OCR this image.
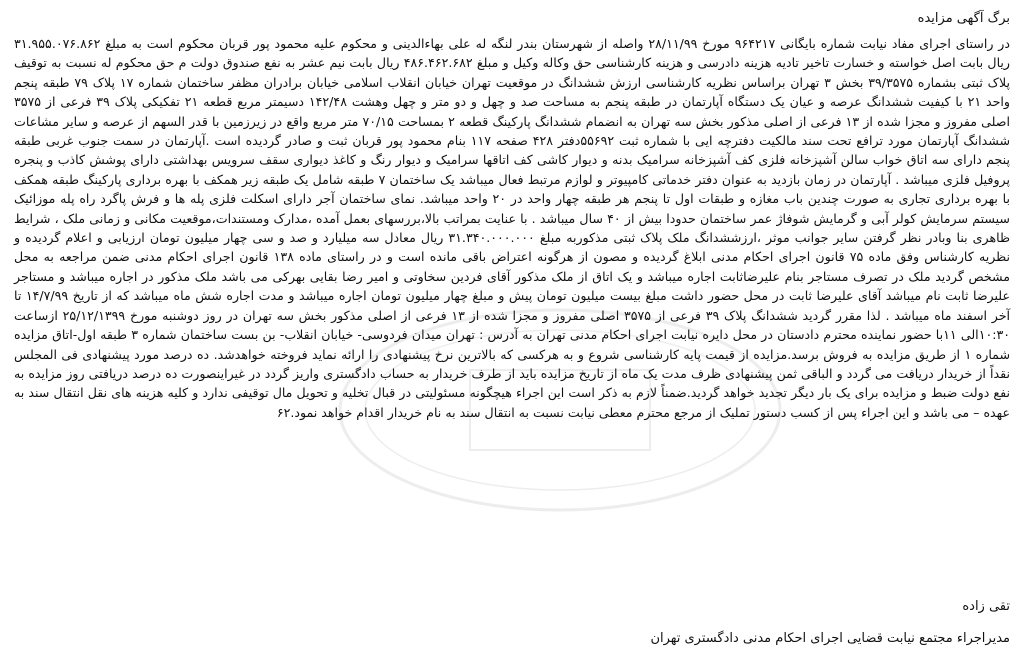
برگ آگهی مزایده

در راستای اجرای مفاد نیابت شماره بایگانی ۹۶۴۲۱۷ مورخ ۲۸/۱۱/۹۹ واصله از شهرستان بندر لنگه له علی بهاءالدینی و محکوم علیه محمود پور قربان محکوم است به مبلغ ۳۱.۹۵۵.۰۷۶.۸۶۲ ریال بابت اصل خواسته و خسارت تاخیر تادیه هزینه دادرسی و هزینه کارشناسی حق وکاله وکیل و مبلغ ۴۸۶.۴۶۲.۶۸۲ ریال بابت نیم عشر به نفع صندوق دولت م حق محکوم له نسبت به توقیف پلاک ثبتی بشماره ۳۹/۳۵۷۵ بخش ۳ تهران براساس نظریه کارشناسی ارزش ششدانگ در موقعیت تهران خیابان انقلاب اسلامی خیابان برادران مظفر ساختمان شماره ۱۷ پلاک ۷۹ طبقه پنجم واحد ۲۱ با کیفیت ششدانگ عرصه و عیان یک دستگاه آپارتمان در طبقه پنجم به مساحت صد و چهل و دو متر و چهل وهشت ۱۴۲/۴۸ دسیمتر مربع قطعه ۲۱ تفکیکی پلاک ۳۹ فرعی از ۳۵۷۵ اصلی مفروز و مجزا شده از ۱۳ فرعی از اصلی مذکور بخش سه تهران به انضمام ششدانگ پارکینگ قطعه ۲ بمساحت ۷۰/۱۵ متر مربع واقع در زیرزمین با قدر السهم از عرصه و سایر مشاعات ششدانگ آپارتمان مورد ترافع تحت سند مالکیت دفترچه ایی با شماره ثبت ۵۵۶۹۲دفتر ۴۲۸ صفحه ۱۱۷ بنام محمود پور قربان ثبت و صادر گردیده است .آپارتمان در سمت جنوب غربی طبقه پنجم دارای سه اتاق خواب سالن آشپزخانه فلزی کف آشپزخانه سرامیک بدنه و دیوار کاشی کف اتاقها سرامیک و دیوار رنگ و کاغذ دیواری سقف سرویس بهداشتی دارای پوشش کاذب و پنجره پروفیل فلزی میباشد . آپارتمان در زمان بازدید به عنوان دفتر خدماتی کامپیوتر و لوازم مرتبط فعال میباشد یک ساختمان ۷ طبقه شامل یک طبقه زیر همکف با بهره برداری پارکینگ طبقه همکف با بهره برداری تجاری به صورت چندین باب مغازه و طبقات اول تا پنجم هر طبقه چهار واحد در ۲۰ واحد میباشد. نمای ساختمان آجر دارای اسکلت فلزی پله ها و فرش پاگرد راه پله موزائیک سیستم سرمایش کولر آبی و گرمایش شوفاژ عمر ساختمان حدودا بیش از ۴۰ سال میباشد . با عنایت بمراتب بالا،بررسهای بعمل آمده ،مدارک ومستندات،موقعیت مکانی و زمانی ملک ، شرایط ظاهری بنا وبادر نظر گرفتن سایر جوانب موثر ،ارزششدانگ ملک پلاک ثبتی مذکوربه مبلغ ۳۱.۳۴۰.۰۰۰.۰۰۰ ریال معادل سه میلیارد و صد و سی چهار میلیون تومان ارزیابی و اعلام گردیده و نظریه کارشناس وفق ماده ۷۵ قانون اجرای احکام مدنی ابلاغ گردیده و مصون از هرگونه اعتراض باقی مانده است و در راستای ماده ۱۳۸ قانون اجرای احکام مدنی ضمن مراجعه به محل مشخص گردید ملک در تصرف مستاجر بنام علیرضاثابت اجاره میباشد و یک اتاق از ملک مذکور آقای فردین سخاوتی و امیر رضا بقایی بهرکی می باشد ملک مذکور در اجاره میباشد و مستاجر علیرضا ثابت نام میباشد آقای علیرضا ثابت در محل حضور داشت مبلغ بیست میلیون تومان پیش و مبلغ چهار میلیون تومان اجاره میباشد و مدت اجاره شش ماه میباشد که از تاریخ ۱۴/۷/۹۹ تا آخر اسفند ماه میباشد . لذا مقرر گردید ششدانگ پلاک ۳۹ فرعی از ۳۵۷۵ اصلی مفروز و مجزا شده از ۱۳ فرعی از اصلی مذکور بخش سه تهران در روز دوشنبه مورخ ۲۵/۱۲/۱۳۹۹ ازساعت ۱۰:۳۰الی ۱۱با حضور نماینده محترم دادستان در محل دایره نیابت اجرای احکام مدنی تهران به آدرس : تهران میدان فردوسی- خیابان انقلاب- بن بست ساختمان شماره ۳ طبقه اول-اتاق مزایده شماره ۱ از طریق مزایده به فروش برسد.مزایده از قیمت پایه کارشناسی شروع و به هرکسی که بالاترین نرخ پیشنهادی را ارائه نماید فروخته خواهدشد. ده درصد مورد پیشنهادی فی المجلس نقداً از خریدار دریافت می گردد و الباقی ثمن پیشنهادی ظرف مدت یک ماه از تاریخ مزایده باید از طرف خریدار به حساب دادگستری واریز گردد در غیراینصورت ده درصد دریافتی روز مزایده به نفع دولت ضبط و مزایده برای یک بار دیگر تجدید خواهد گردید.ضمناً لازم به ذکر است این اجراء هیچگونه مسئولیتی در قبال تخلیه و تحویل مال توقیفی ندارد و کلیه هزینه های نقل انتقال سند به عهده – می باشد و این اجراء پس از کسب دستور تملیک از مرجع محترم معطی نیابت نسبت به انتقال سند به نام خریدار اقدام خواهد نمود.۶۲

تقی زاده

مدیراجراء مجتمع نیابت قضایی اجرای احکام مدنی دادگستری تهران
